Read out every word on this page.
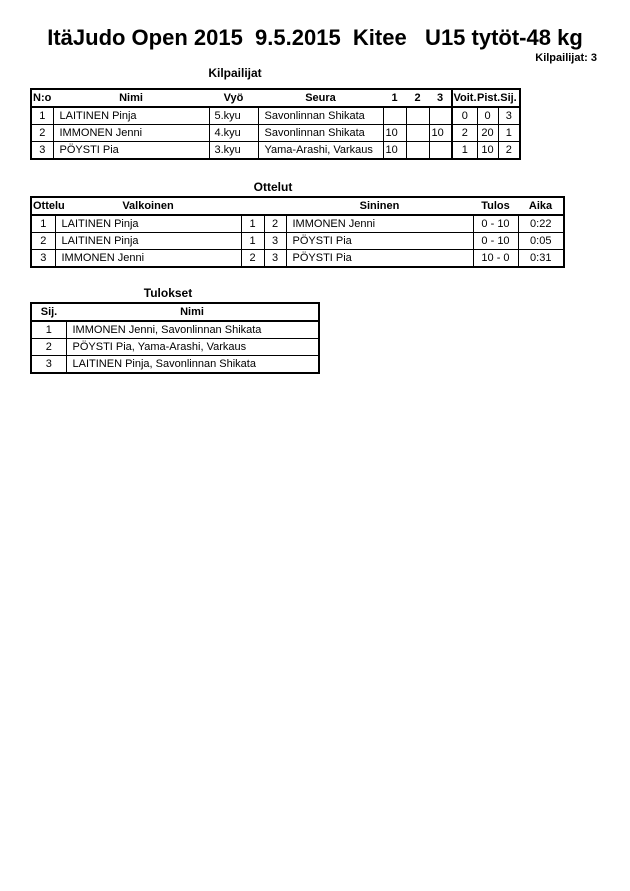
ItäJudo Open 2015  9.5.2015  Kitee   U15 tytöt-48 kg
Kilpailijat: 3
Kilpailijat
N:o	Nimi	Vyö	Seura	1	2	3	Voit.	Pist.	Sij.
1	LAITINEN Pinja	5.kyu	Savonlinnan Shikata				0	0	3
2	IMMONEN Jenni	4.kyu	Savonlinnan Shikata	10		10	2	20	1
3	PÖYSTI Pia	3.kyu	Yama-Arashi, Varkaus	10			1	10	2
Ottelut
Ottelu	Valkoinen			Sininen	Tulos	Aika
1	LAITINEN Pinja	1	2	IMMONEN Jenni	0 - 10	0:22
2	LAITINEN Pinja	1	3	PÖYSTI Pia	0 - 10	0:05
3	IMMONEN Jenni	2	3	PÖYSTI Pia	10 - 0	0:31
Tulokset
Sij.	Nimi
1	IMMONEN Jenni, Savonlinnan Shikata
2	PÖYSTI Pia, Yama-Arashi, Varkaus
3	LAITINEN Pinja, Savonlinnan Shikata
